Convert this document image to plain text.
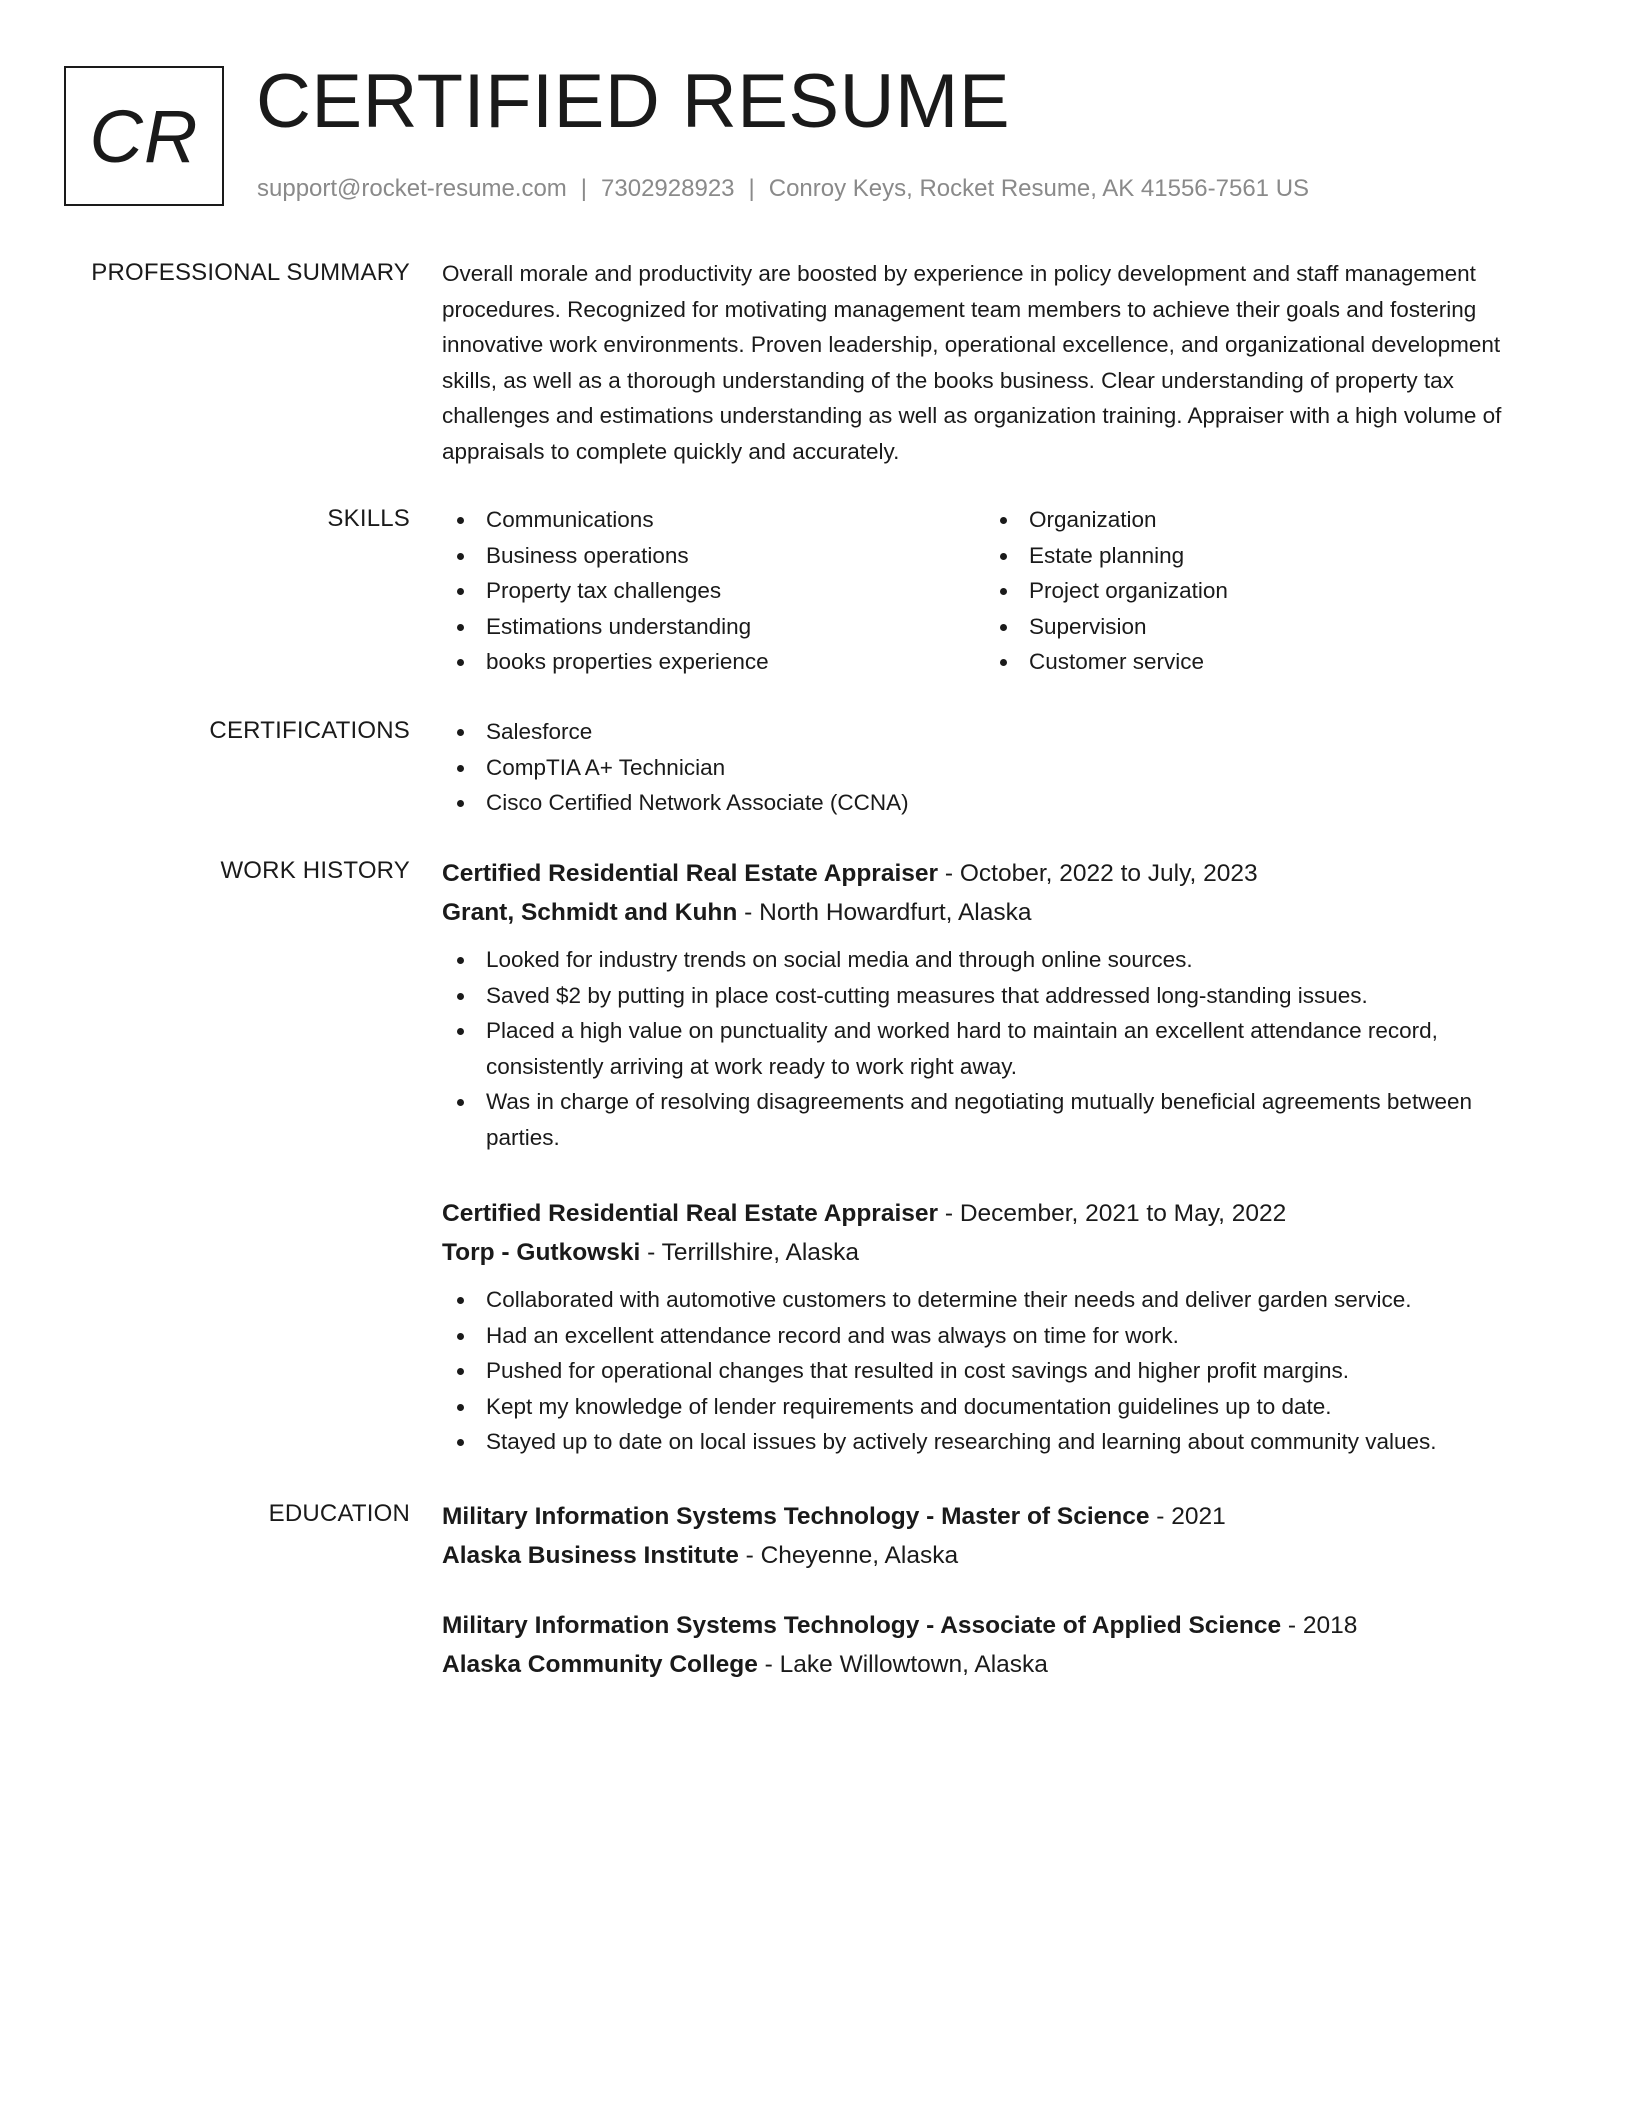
CR CERTIFIED RESUME
support@rocket-resume.com | 7302928923 | Conroy Keys, Rocket Resume, AK 41556-7561 US
PROFESSIONAL SUMMARY Overall morale and productivity are boosted by experience in policy development and staff management procedures. Recognized for motivating management team members to achieve their goals and fostering innovative work environments. Proven leadership, operational excellence, and organizational development skills, as well as a thorough understanding of the books business. Clear understanding of property tax challenges and estimations understanding as well as organization training. Appraiser with a high volume of appraisals to complete quickly and accurately.

SKILLS	Communications
Business operations
Property tax challenges
Estimations understanding
books properties experience
Organization
Estate planning
Project organization
Supervision
Customer service
CERTIFICATIONS	Salesforce
CompTIA A+ Technician
Cisco Certified Network Associate (CCNA)
WORK HISTORY Certified Residential Real Estate Appraiser - October, 2022 to July, 2023
Grant, Schmidt and Kuhn - North Howardfurt, Alaska
Looked for industry trends on social media and through online sources.
Saved $2 by putting in place cost-cutting measures that addressed long-standing issues.
Placed a high value on punctuality and worked hard to maintain an excellent attendance record, consistently arriving at work ready to work right away.
Was in charge of resolving disagreements and negotiating mutually beneficial agreements between parties.
Certified Residential Real Estate Appraiser - December, 2021 to May, 2022
Torp - Gutkowski - Terrillshire, Alaska
Collaborated with automotive customers to determine their needs and deliver garden service.
Had an excellent attendance record and was always on time for work.
Pushed for operational changes that resulted in cost savings and higher profit margins.
Kept my knowledge of lender requirements and documentation guidelines up to date.
Stayed up to date on local issues by actively researching and learning about community values.
EDUCATION Military Information Systems Technology - Master of Science - 2021
Alaska Business Institute - Cheyenne, Alaska
Military Information Systems Technology - Associate of Applied Science - 2018
Alaska Community College - Lake Willowtown, Alaska
